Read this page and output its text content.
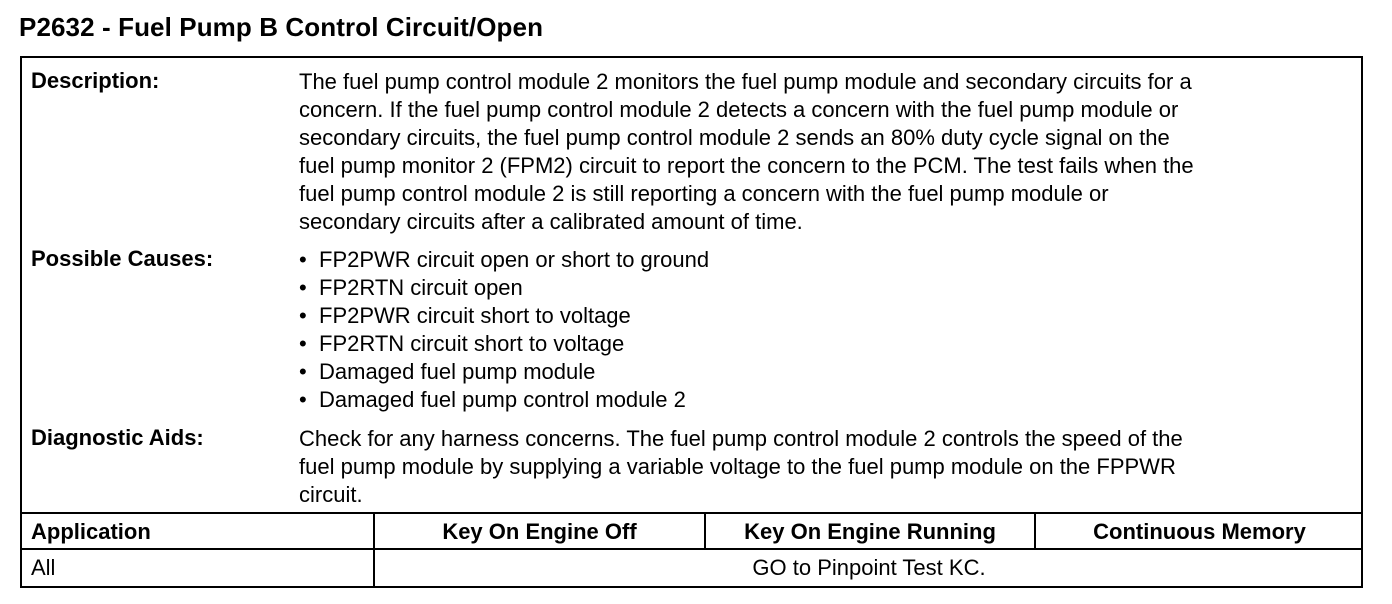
P2632 - Fuel Pump B Control Circuit/Open
Description:	The fuel pump control module 2 monitors the fuel pump module and secondary circuits for a
concern. If the fuel pump control module 2 detects a concern with the fuel pump module or
secondary circuits, the fuel pump control module 2 sends an 80% duty cycle signal on the
fuel pump monitor 2 (FPM2) circuit to report the concern to the PCM. The test fails when the
fuel pump control module 2 is still reporting a concern with the fuel pump module or
secondary circuits after a calibrated amount of time.
Possible Causes:
•	FP2PWR circuit open or short to ground
• FP2RTN circuit open
• FP2PWR circuit short to voltage
• FP2RTN circuit short to voltage
• Damaged fuel pump module
• Damaged fuel pump control module 2
Diagnostic Aids:	Check for any harness concerns. The fuel pump control module 2 controls the speed of the
fuel pump module by supplying a variable voltage to the fuel pump module on the FPPWR
circuit.
Application	Key On Engine Off	Key On Engine Running	Continuous Memory
All	GO to Pinpoint Test KC.
